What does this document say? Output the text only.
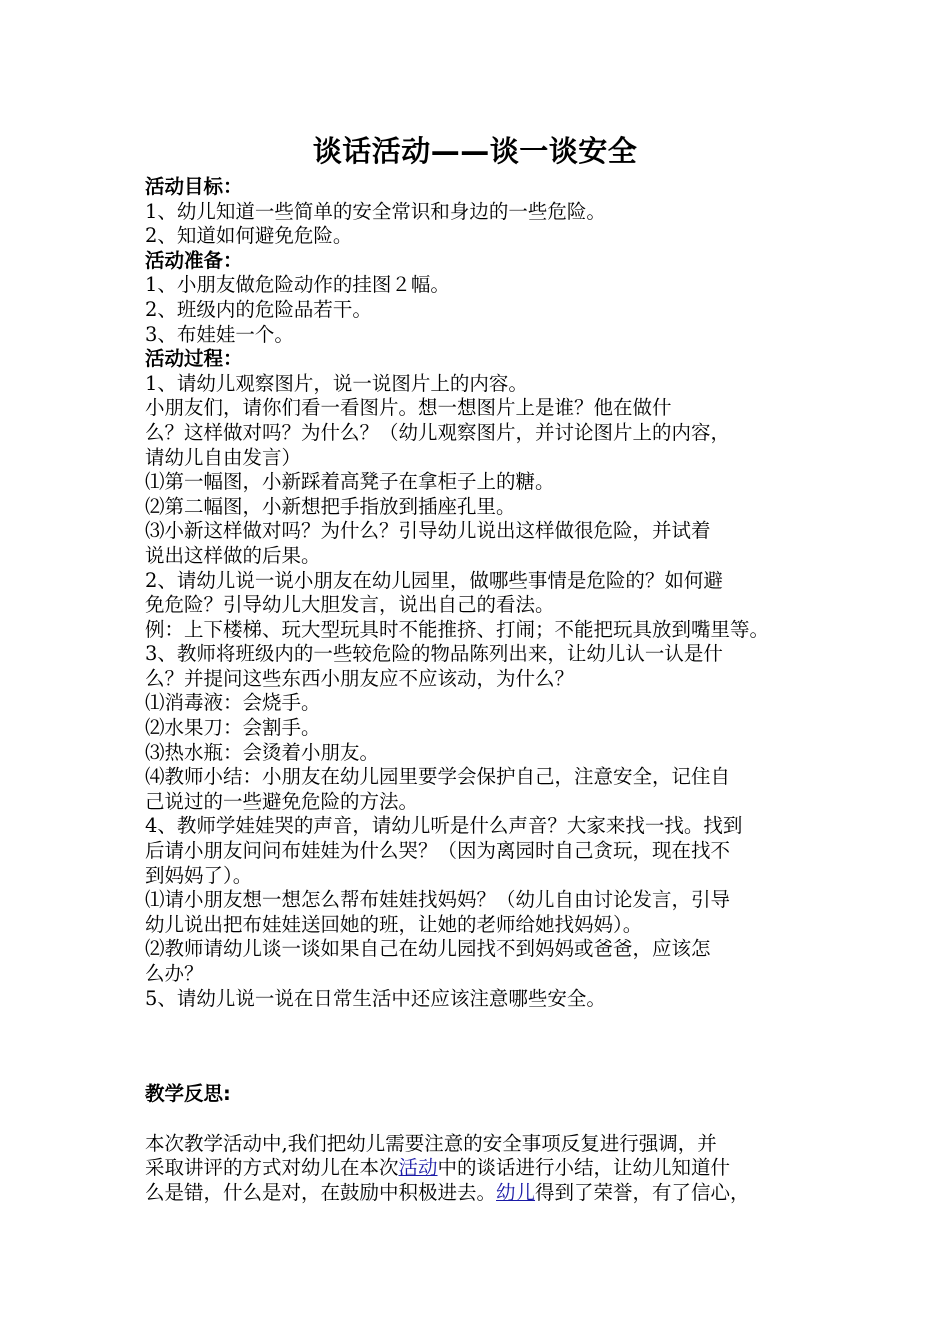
谈话活动——谈一谈安全

活动目标：

1、幼儿知道一些简单的安全常识和身边的一些危险。

2、知道如何避免危险。

活动准备：

1、小朋友做危险动作的挂图２幅。

2、班级内的危险品若干。

3、布娃娃一个。

活动过程：

1、请幼儿观察图片，说一说图片上的内容。

小朋友们，请你们看一看图片。想一想图片上是谁？他在做什

么？这样做对吗？为什么？（幼儿观察图片，并讨论图片上的内容，

请幼儿自由发言）

⑴第一幅图，小新踩着高凳子在拿柜子上的糖。

⑵第二幅图，小新想把手指放到插座孔里。

⑶小新这样做对吗？为什么？引导幼儿说出这样做很危险，并试着

说出这样做的后果。

2、请幼儿说一说小朋友在幼儿园里，做哪些事情是危险的？如何避

免危险？引导幼儿大胆发言，说出自己的看法。

例：上下楼梯、玩大型玩具时不能推挤、打闹；不能把玩具放到嘴里等。

3、教师将班级内的一些较危险的物品陈列出来，让幼儿认一认是什

么？并提问这些东西小朋友应不应该动，为什么？

⑴消毒液：会烧手。

⑵水果刀：会割手。

⑶热水瓶：会烫着小朋友。

⑷教师小结：小朋友在幼儿园里要学会保护自己，注意安全，记住自

己说过的一些避免危险的方法。

4、教师学娃娃哭的声音，请幼儿听是什么声音？大家来找一找。找到

后请小朋友问问布娃娃为什么哭？（因为离园时自己贪玩，现在找不

到妈妈了）。

⑴请小朋友想一想怎么帮布娃娃找妈妈？（幼儿自由讨论发言，引导

幼儿说出把布娃娃送回她的班，让她的老师给她找妈妈）。

⑵教师请幼儿谈一谈如果自己在幼儿园找不到妈妈或爸爸，应该怎

么办？

5、请幼儿说一说在日常生活中还应该注意哪些安全。

教学反思:

本次教学活动中,我们把幼儿需要注意的安全事项反复进行强调，并

采取讲评的方式对幼儿在本次活动中的谈话进行小结，让幼儿知道什

么是错，什么是对，在鼓励中积极进去。幼儿得到了荣誉，有了信心，
